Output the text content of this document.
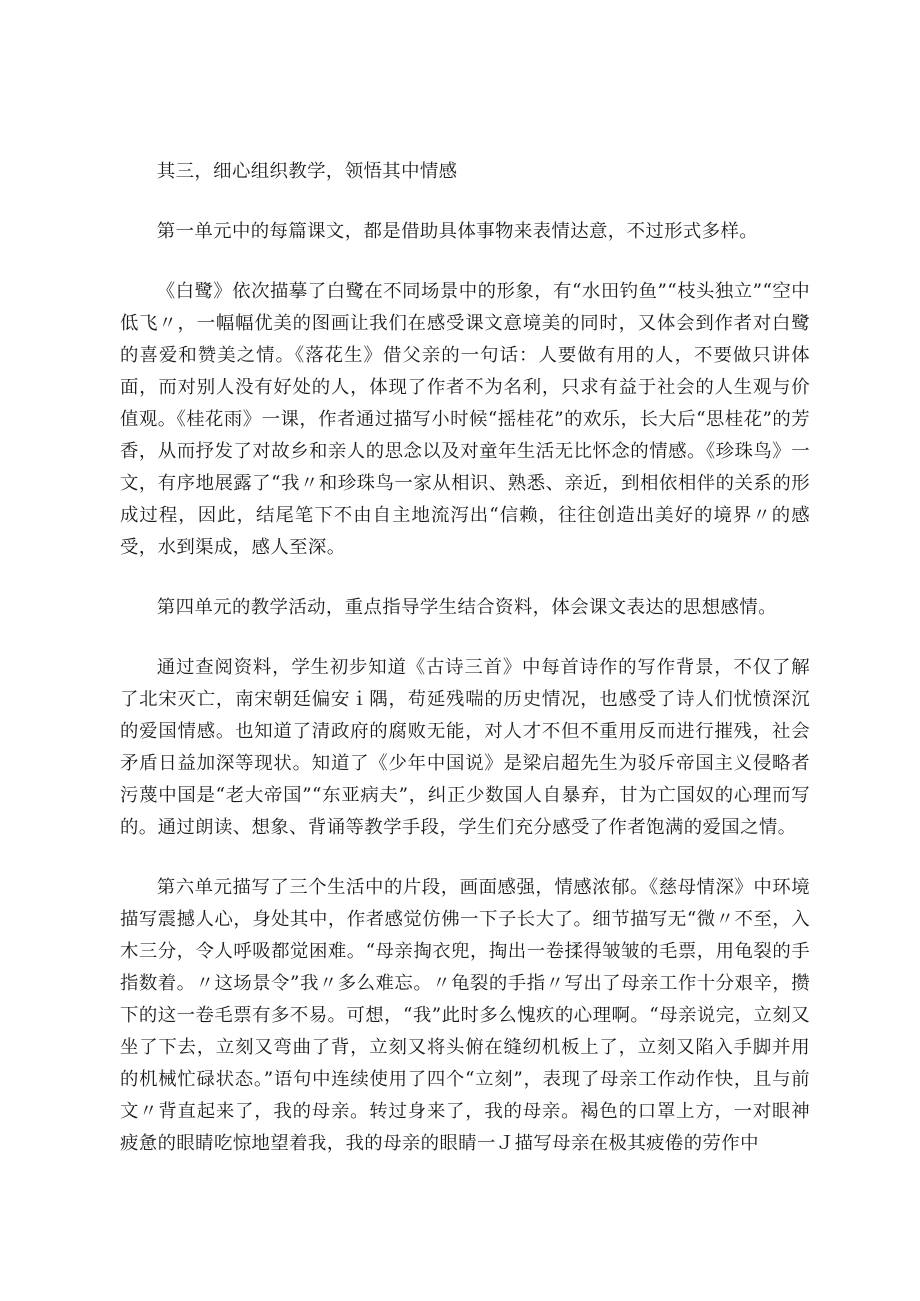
其三，细心组织教学，领悟其中情感

第一单元中的每篇课文，都是借助具体事物来表情达意，不过形式多样。

《白鹭》依次描摹了白鹭在不同场景中的形象，有“水田钓鱼”“枝头独立”“空中低飞〃，一幅幅优美的图画让我们在感受课文意境美的同时，又体会到作者对白鹭的喜爱和赞美之情。《落花生》借父亲的一句话：人要做有用的人，不要做只讲体面，而对别人没有好处的人，体现了作者不为名利，只求有益于社会的人生观与价值观。《桂花雨》一课，作者通过描写小时候“摇桂花”的欢乐，长大后“思桂花”的芳香，从而抒发了对故乡和亲人的思念以及对童年生活无比怀念的情感。《珍珠鸟》一文，有序地展露了“我〃和珍珠鸟一家从相识、熟悉、亲近，到相依相伴的关系的形成过程，因此，结尾笔下不由自主地流泻出“信赖，往往创造出美好的境界〃的感受，水到渠成，感人至深。

第四单元的教学活动，重点指导学生结合资料，体会课文表达的思想感情。

通过查阅资料，学生初步知道《古诗三首》中每首诗作的写作背景，不仅了解了北宋灭亡，南宋朝廷偏安ｉ隅，苟延残喘的历史情况，也感受了诗人们忧愤深沉的爱国情感。也知道了清政府的腐败无能，对人才不但不重用反而进行摧残，社会矛盾日益加深等现状。知道了《少年中国说》是梁启超先生为驳斥帝国主义侵略者污蔑中国是“老大帝国”“东亚病夫”，纠正少数国人自暴弃，甘为亡国奴的心理而写的。通过朗读、想象、背诵等教学手段，学生们充分感受了作者饱满的爱国之情。

第六单元描写了三个生活中的片段，画面感强，情感浓郁。《慈母情深》中环境描写震撼人心，身处其中，作者感觉仿佛一下子长大了。细节描写无“微〃不至，入木三分，令人呼吸都觉困难。“母亲掏衣兜，掏出一卷揉得皱皱的毛票，用龟裂的手指数着。〃这场景令”我〃多么难忘。〃龟裂的手指〃写出了母亲工作十分艰辛，攒下的这一卷毛票有多不易。可想，“我”此时多么愧疚的心理啊。“母亲说完，立刻又坐了下去，立刻又弯曲了背，立刻又将头俯在缝纫机板上了，立刻又陷入手脚并用的机械忙碌状态。”语句中连续使用了四个“立刻”，表现了母亲工作动作快，且与前文〃背直起来了，我的母亲。转过身来了，我的母亲。褐色的口罩上方，一对眼神疲惫的眼睛吃惊地望着我，我的母亲的眼睛一Ｊ描写母亲在极其疲倦的劳作中
